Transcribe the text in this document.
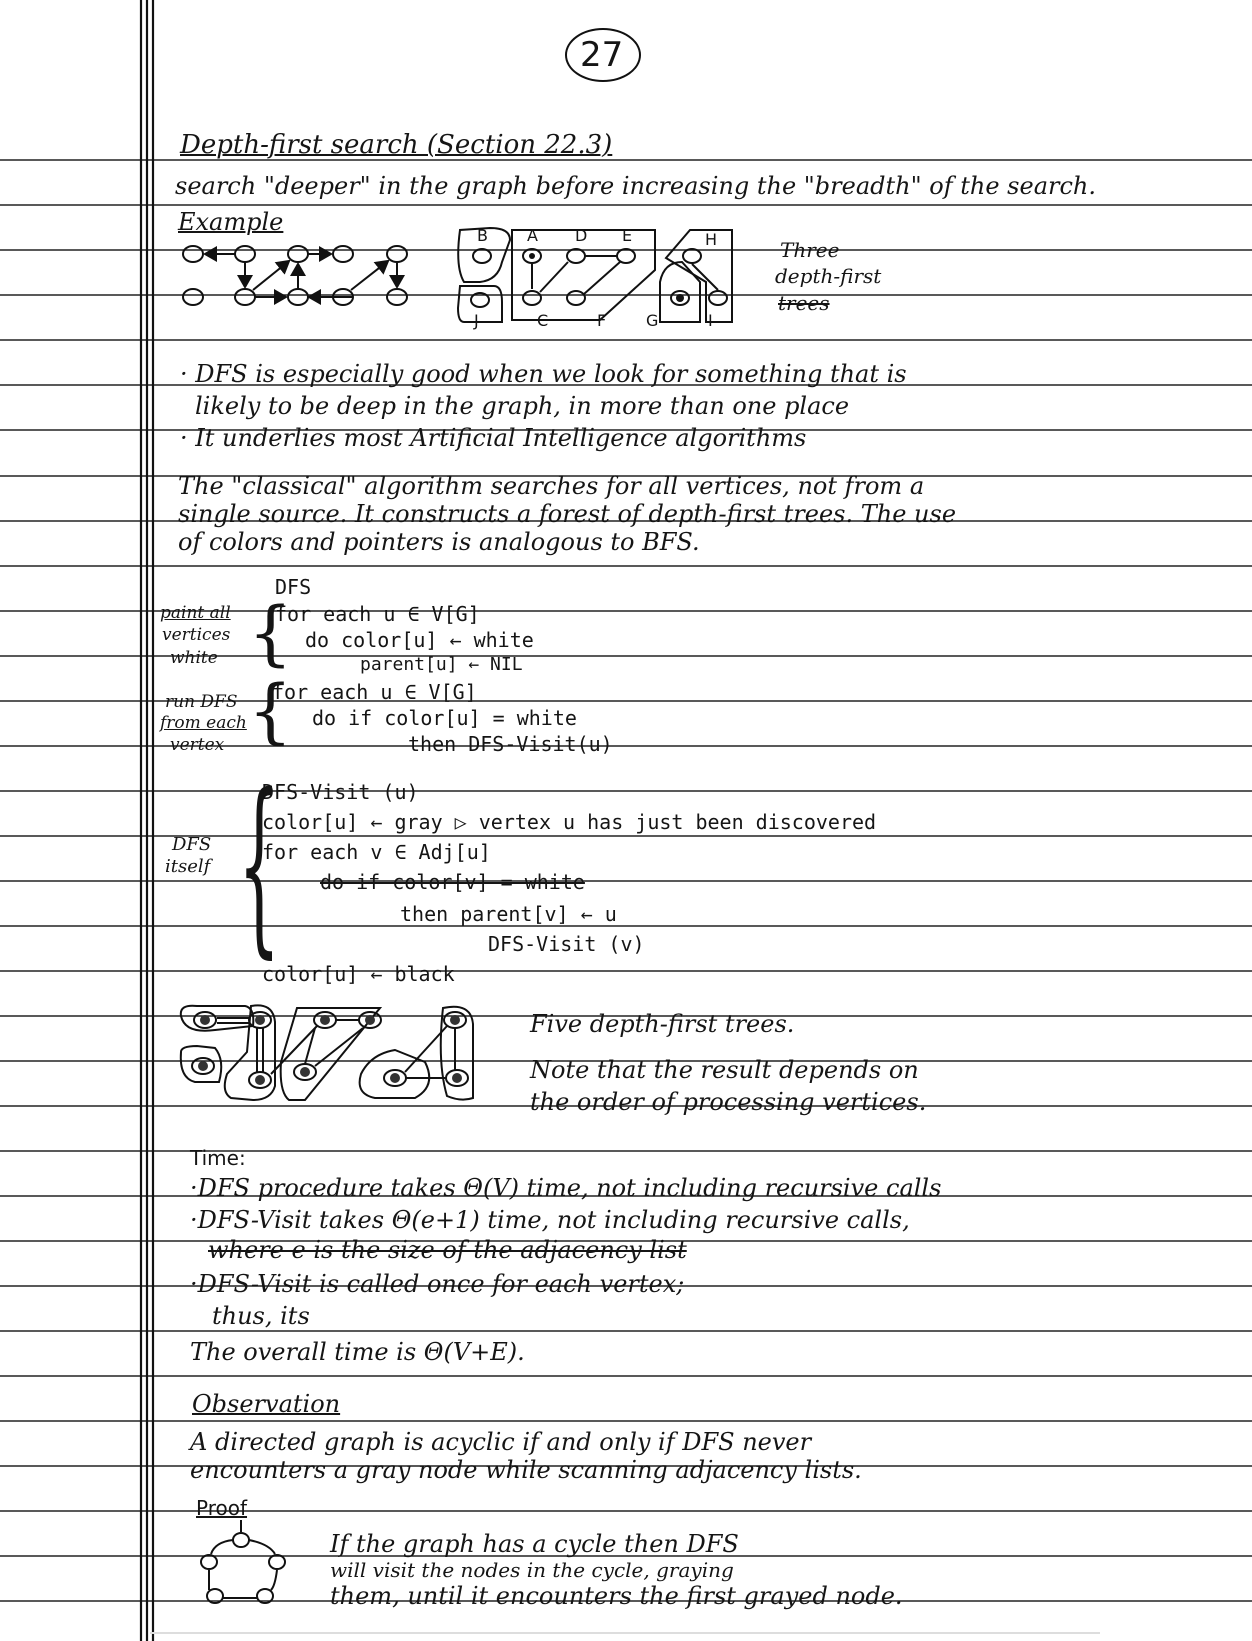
27
Depth-first search (Section 22.3)
search "deeper" in the graph before increasing the "breadth" of the search.
Example	B A D E	H
J	C	F G	I
Three
depth-first
trees
· DFS is especially good when we look for something that is
likely to be deep in the graph, in more than one place
· It underlies most Artificial Intelligence algorithms
The "classical" algorithm searches for all vertices, not from a
single source. It constructs a forest of depth-first trees. The use
of colors and pointers is analogous to BFS.
DFS
paint all
vertices
white {
for each u ∈ V[G]
do color[u] ← white
parent[u] ← NIL
run DFS
from each
vertex {
for each u ∈ V[G]
do if color[u] = white
then DFS-Visit(u)
DFS
itself {
DFS-Visit (u)
color[u] ← gray ▷ vertex u has just been discovered
for each v ∈ Adj[u]
do if color[v] = white
then parent[v] ← u
DFS-Visit (v)
color[u] ← black
Five depth-first trees.
Note that the result depends on
the order of processing vertices.
Time:
·DFS procedure takes Θ(V) time, not including recursive calls
·DFS-Visit takes Θ(e+1) time, not including recursive calls,
where e is the size of the adjacency list
·DFS-Visit is called once for each vertex;
thus, its
The overall time is Θ(V+E).
Observation
A directed graph is acyclic if and only if DFS never
encounters a gray node while scanning adjacency lists.
Proof
If the graph has a cycle then DFS
will visit the nodes in the cycle, graying
them, until it encounters the first grayed node.
